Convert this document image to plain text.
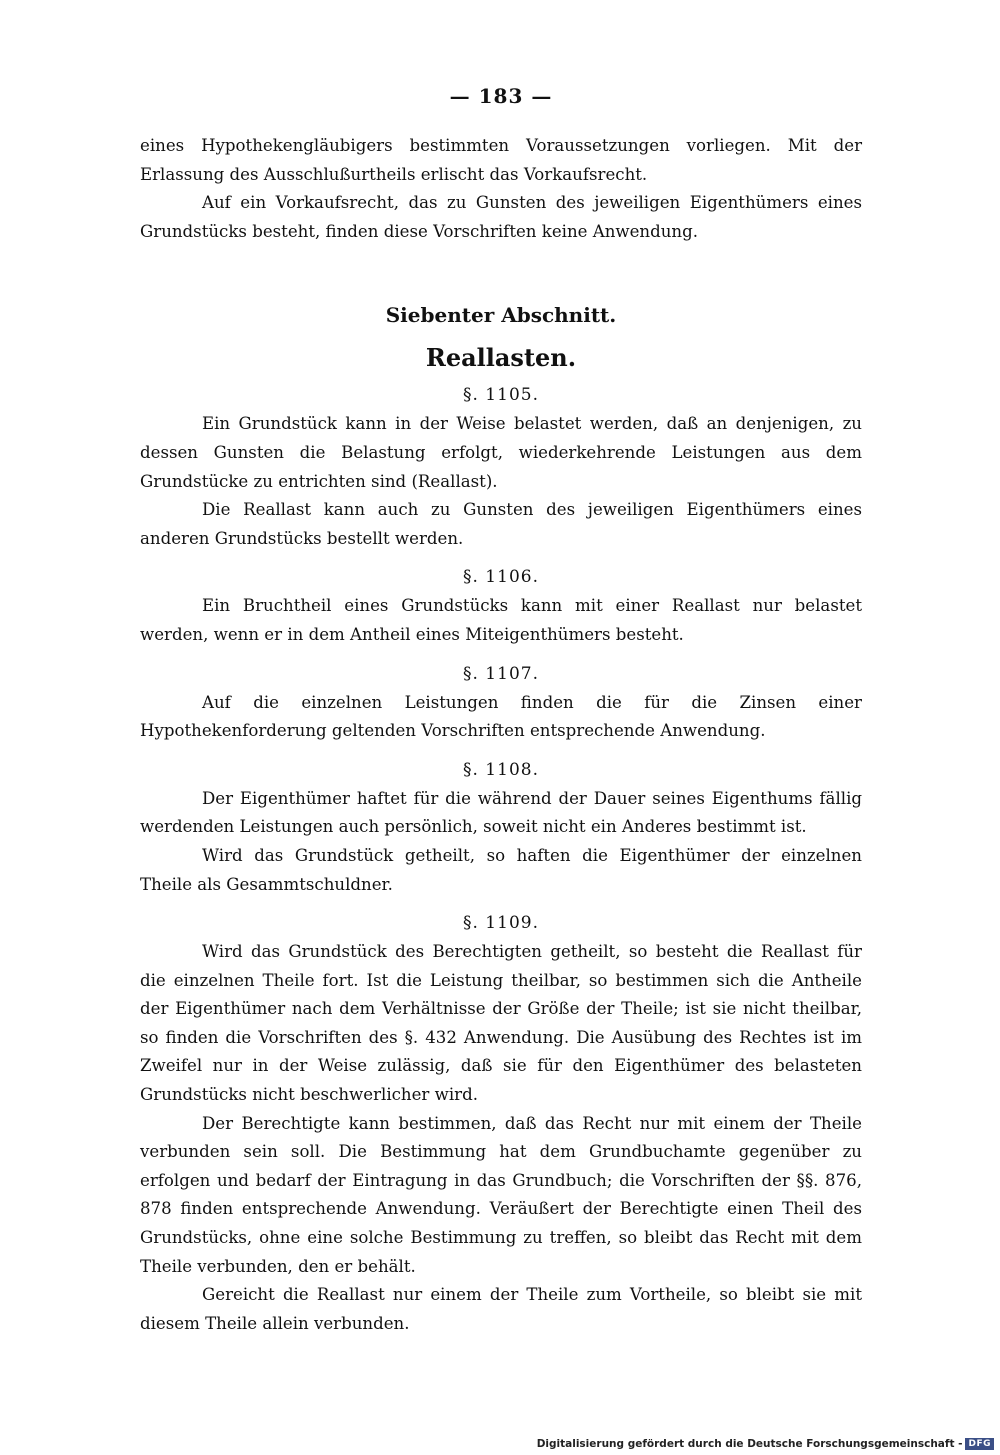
— 183 —

eines Hypothekengläubigers bestimmten Voraussetzungen vorliegen. Mit der Erlassung des Ausschlußurtheils erlischt das Vorkaufsrecht.

Auf ein Vorkaufsrecht, das zu Gunsten des jeweiligen Eigenthümers eines Grundstücks besteht, finden diese Vorschriften keine Anwendung.

Siebenter Abschnitt.
Reallasten.
§. 1105.

Ein Grundstück kann in der Weise belastet werden, daß an denjenigen, zu dessen Gunsten die Belastung erfolgt, wiederkehrende Leistungen aus dem Grundstücke zu entrichten sind (Reallast).

Die Reallast kann auch zu Gunsten des jeweiligen Eigenthümers eines anderen Grundstücks bestellt werden.

§. 1106.

Ein Bruchtheil eines Grundstücks kann mit einer Reallast nur belastet werden, wenn er in dem Antheil eines Miteigenthümers besteht.

§. 1107.

Auf die einzelnen Leistungen finden die für die Zinsen einer Hypothekenforderung geltenden Vorschriften entsprechende Anwendung.

§. 1108.

Der Eigenthümer haftet für die während der Dauer seines Eigenthums fällig werdenden Leistungen auch persönlich, soweit nicht ein Anderes bestimmt ist.

Wird das Grundstück getheilt, so haften die Eigenthümer der einzelnen Theile als Gesammtschuldner.

§. 1109.

Wird das Grundstück des Berechtigten getheilt, so besteht die Reallast für die einzelnen Theile fort. Ist die Leistung theilbar, so bestimmen sich die Antheile der Eigenthümer nach dem Verhältnisse der Größe der Theile; ist sie nicht theilbar, so finden die Vorschriften des §. 432 Anwendung. Die Ausübung des Rechtes ist im Zweifel nur in der Weise zulässig, daß sie für den Eigenthümer des belasteten Grundstücks nicht beschwerlicher wird.

Der Berechtigte kann bestimmen, daß das Recht nur mit einem der Theile verbunden sein soll. Die Bestimmung hat dem Grundbuchamte gegenüber zu erfolgen und bedarf der Eintragung in das Grundbuch; die Vorschriften der §§. 876, 878 finden entsprechende Anwendung. Veräußert der Berechtigte einen Theil des Grundstücks, ohne eine solche Bestimmung zu treffen, so bleibt das Recht mit dem Theile verbunden, den er behält.

Gereicht die Reallast nur einem der Theile zum Vortheile, so bleibt sie mit diesem Theile allein verbunden.

Digitalisierung gefördert durch die Deutsche Forschungsgemeinschaft - DFG
